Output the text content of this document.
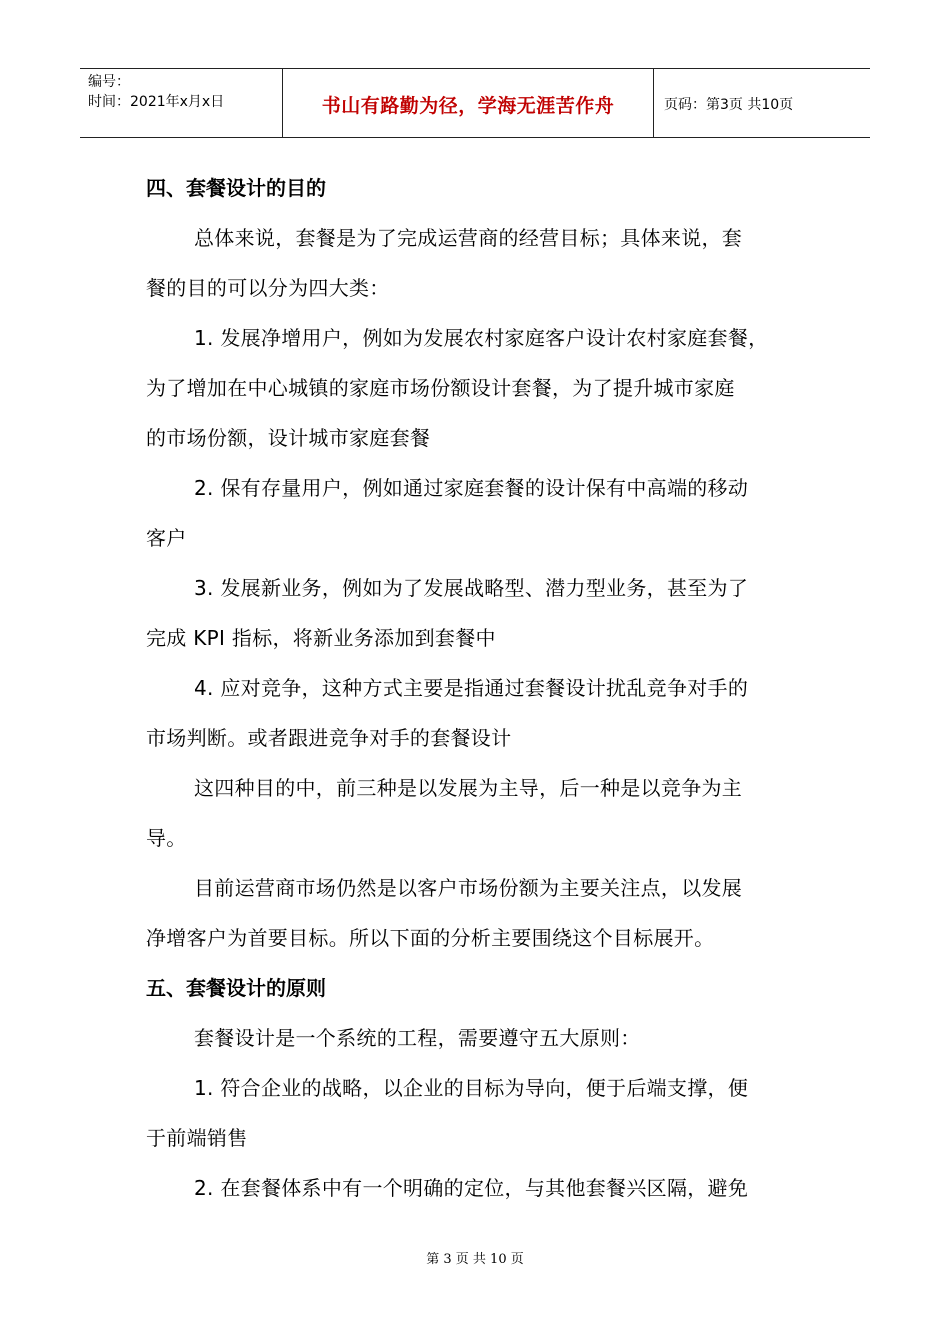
编号：
时间：2021年x月x日	书山有路勤为径，学海无涯苦作舟	页码：第3页 共10页
四、套餐设计的目的
总体来说，套餐是为了完成运营商的经营目标；具体来说，套
餐的目的可以分为四大类：
1. 发展净增用户，例如为发展农村家庭客户设计农村家庭套餐，
为了增加在中心城镇的家庭市场份额设计套餐，为了提升城市家庭
的市场份额，设计城市家庭套餐
2. 保有存量用户，例如通过家庭套餐的设计保有中高端的移动
客户
3. 发展新业务，例如为了发展战略型、潜力型业务，甚至为了
完成 KPI 指标，将新业务添加到套餐中
4. 应对竞争，这种方式主要是指通过套餐设计扰乱竞争对手的
市场判断。或者跟进竞争对手的套餐设计
这四种目的中，前三种是以发展为主导，后一种是以竞争为主
导。
目前运营商市场仍然是以客户市场份额为主要关注点，以发展
净增客户为首要目标。所以下面的分析主要围绕这个目标展开。
五、套餐设计的原则
套餐设计是一个系统的工程，需要遵守五大原则：
1. 符合企业的战略，以企业的目标为导向，便于后端支撑，便
于前端销售
2. 在套餐体系中有一个明确的定位，与其他套餐兴区隔，避免
第 3 页 共 10 页
